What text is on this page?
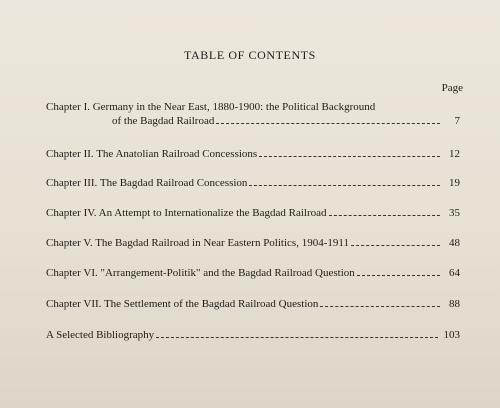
TABLE OF CONTENTS
Page
Chapter I. Germany in the Near East, 1880-1900: the Political Background
of the Bagdad Railroad	7
Chapter II. The Anatolian Railroad Concessions	12
Chapter III. The Bagdad Railroad Concession	19
Chapter IV. An Attempt to Internationalize the Bagdad Railroad	35
Chapter V. The Bagdad Railroad in Near Eastern Politics, 1904-1911	48
Chapter VI. "Arrangement-Politik" and the Bagdad Railroad Question	64
Chapter VII. The Settlement of the Bagdad Railroad Question	88
A Selected Bibliography	103
